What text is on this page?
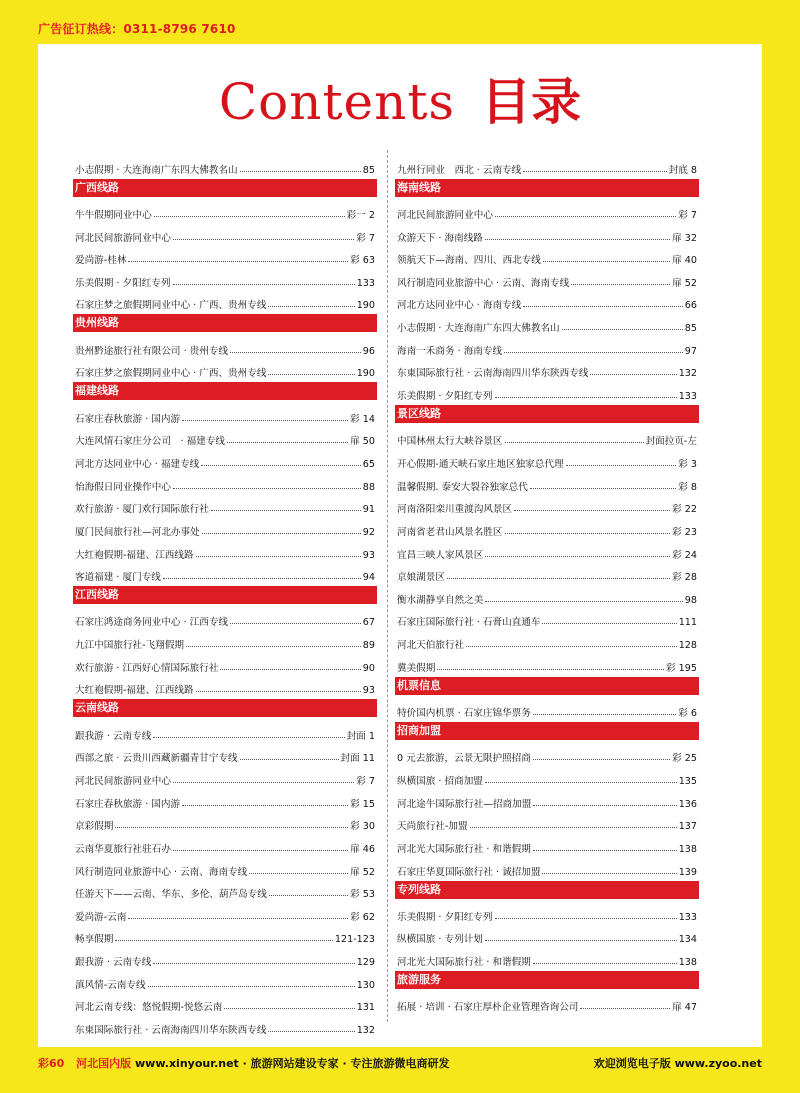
广告征订热线：0311-8796 7610
Contents 目录
小志假期 · 大连海南广东四大佛教名山	85
广西线路
牛牛假期同业中心	彩一 2
河北民间旅游同业中心	彩 7
爱尚游-桂林	彩 63
乐美假期 · 夕阳红专列	133
石家庄梦之旅假期同业中心 · 广西、贵州专线	190
贵州线路
贵州黔途旅行社有限公司 · 贵州专线	96
石家庄梦之旅假期同业中心 · 广西、贵州专线	190
福建线路
石家庄春秋旅游 · 国内游	彩 14
大连风情石家庄分公司　· 福建专线	扉 50
河北方达同业中心 · 福建专线	65
怡海假日同业操作中心	88
欢行旅游 · 厦门欢行国际旅行社	91
厦门民间旅行社—河北办事处	92
大红袍假期-福建、江西线路	93
客道福建 · 厦门专线	94
江西线路
石家庄鸿途商务同业中心 · 江西专线	67
九江中国旅行社-飞翔假期	89
欢行旅游 · 江西好心情国际旅行社	90
大红袍假期-福建、江西线路	93
云南线路
跟我游 · 云南专线	封面 1
西部之旅 · 云贵川西藏新疆青甘宁专线	封面 11
河北民间旅游同业中心	彩 7
石家庄春秋旅游 · 国内游	彩 15
京彩假期	彩 30
云南华夏旅行社驻石办	扉 46
风行制造同业旅游中心 · 云南、海南专线	扉 52
任游天下——云南、华东、多伦、葫芦岛专线	彩 53
爱尚游-云南	彩 62
畅享假期	121-123
跟我游 · 云南专线	129
滇风情-云南专线	130
河北云南专线：悠悦假期-悦悠云南	131
东東国际旅行社 · 云南海南四川华东陕西专线	132
九州行同业　西北 · 云南专线	封底 8
海南线路
河北民间旅游同业中心	彩 7
众游天下 · 海南线路	扉 32
领航天下—海南、四川、西北专线	扉 40
风行制造同业旅游中心 · 云南、海南专线	扉 52
河北方达同业中心 · 海南专线	66
小志假期 · 大连海南广东四大佛教名山	85
海南一禾商务 · 海南专线	97
东東国际旅行社 · 云南海南四川华东陕西专线	132
乐美假期 · 夕阳红专列	133
景区线路
中国林州太行大峡谷景区	封面拉页-左
开心假期-通天峡石家庄地区独家总代理	彩 3
温馨假期. 泰安大裂谷独家总代	彩 8
河南洛阳栾川重渡沟风景区	彩 22
河南省老君山风景名胜区	彩 23
宜昌三峡人家风景区	彩 24
京娘湖景区	彩 28
衡水湖静享自然之美	98
石家庄国际旅行社 · 石膏山直通车	111
河北天伯旅行社	128
冀美假期	彩 195
机票信息
特价国内机票 · 石家庄锦华票务	彩 6
招商加盟
0 元去旅游，云景无限护照招商	彩 25
纵横国旅 · 招商加盟	135
河北途牛国际旅行社—招商加盟	136
天尚旅行社-加盟	137
河北光大国际旅行社 · 和谐假期	138
石家庄华夏国际旅行社 · 诚招加盟	139
专列线路
乐美假期 · 夕阳红专列	133
纵横国旅 · 专列计划	134
河北光大国际旅行社 · 和谐假期	138
旅游服务
拓展 · 培训 · 石家庄厚朴企业管理咨询公司	扉 47
彩60 河北国内版 www.xinyour.net · 旅游网站建设专家 · 专注旅游微电商研发	欢迎浏览电子版 www.zyoo.net
